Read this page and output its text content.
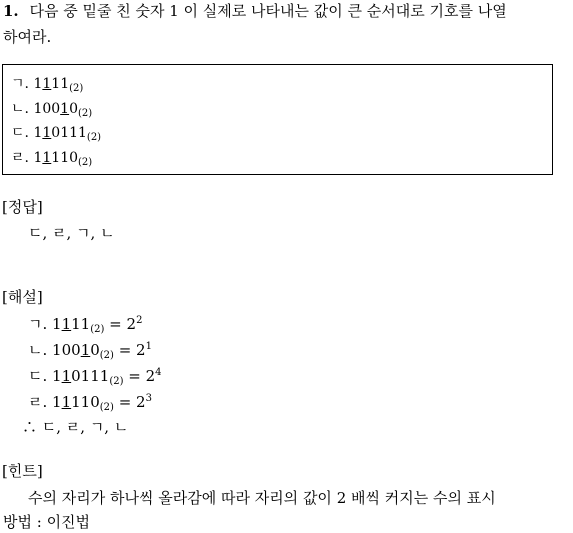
1. 다음 중 밑줄 친 숫자 1 이 실제로 나타내는 값이 큰 순서대로 기호를 나열
하여라.
ㄱ. $1111_{(2)}$
ㄴ. $10010_{(2)}$
ㄷ. $110111_{(2)}$
ㄹ. $11110_{(2)}$
[정답]
ㄷ, ㄹ, ㄱ, ㄴ
[해설]
ㄱ. $1111_{(2)} = 2^2$
ㄴ. $10010_{(2)} = 2^1$
ㄷ. $110111_{(2)} = 2^4$
ㄹ. $11110_{(2)} = 2^3$
∴ ㄷ, ㄹ, ㄱ, ㄴ
[힌트]
수의 자리가 하나씩 올라감에 따라 자리의 값이 2 배씩 커지는 수의 표시
방법 : 이진법
